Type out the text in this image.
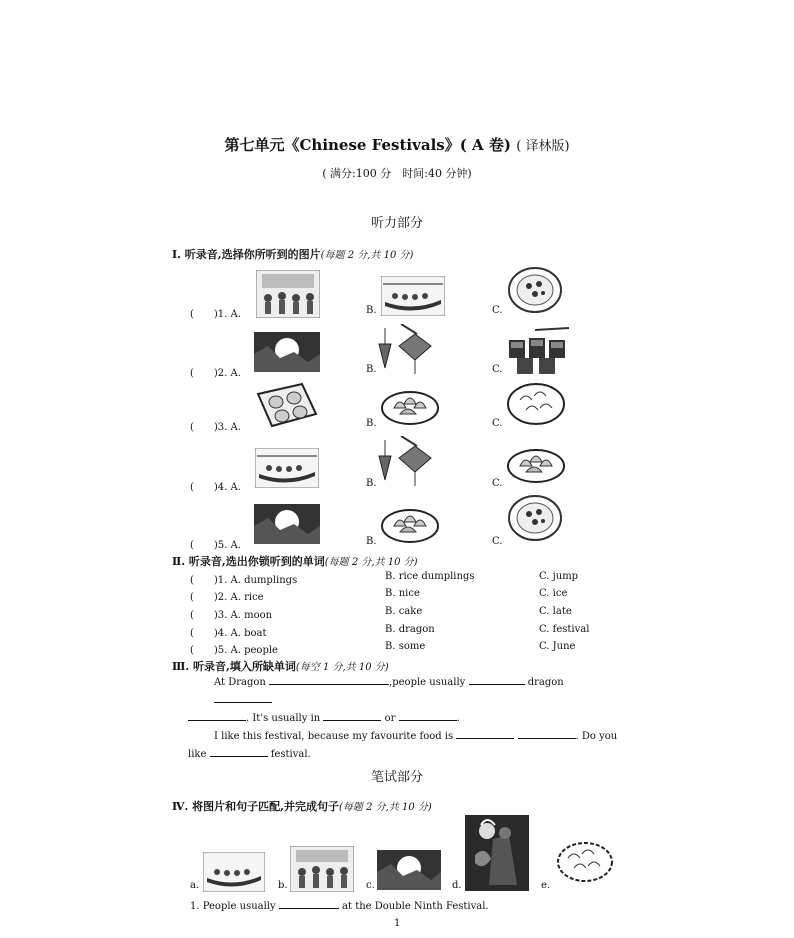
第七单元《Chinese Festivals》( A 卷) ( 译林版)
( 满分:100 分　时间:40 分钟)
听力部分
Ⅰ. 听录音,选择你所听到的图片(每题 2 分,共 10 分)
(　　)1. A.	B.	C.
(　　)2. A.	B.	C.
(　　)3. A.	B.	C.
(　　)4. A.	B.	C.
(　　)5. A.	B.	C.
Ⅱ. 听录音,选出你锁听到的单词(每题 2 分,共 10 分)
(　　)1. A. dumplings	B. rice dumplings	C. jump
(　　)2. A. rice	B. nice	C. ice
(　　)3. A. moon	B. cake	C. late
(　　)4. A. boat	B. dragon	C. festival
(　　)5. A. people	B. some	C. June
Ⅲ. 听录音,填入所缺单词(每空 1 分,共 10 分)
At Dragon	,people usually	dragon
. It's usually in	or	.
I like this festival, because my favourite food is	. Do you
like	festival.
笔试部分
Ⅳ. 将图片和句子匹配,并完成句子(每题 2 分,共 10 分)
a.	b.	c.	d.	e.
1. People usually	at the Double Ninth Festival.
1
